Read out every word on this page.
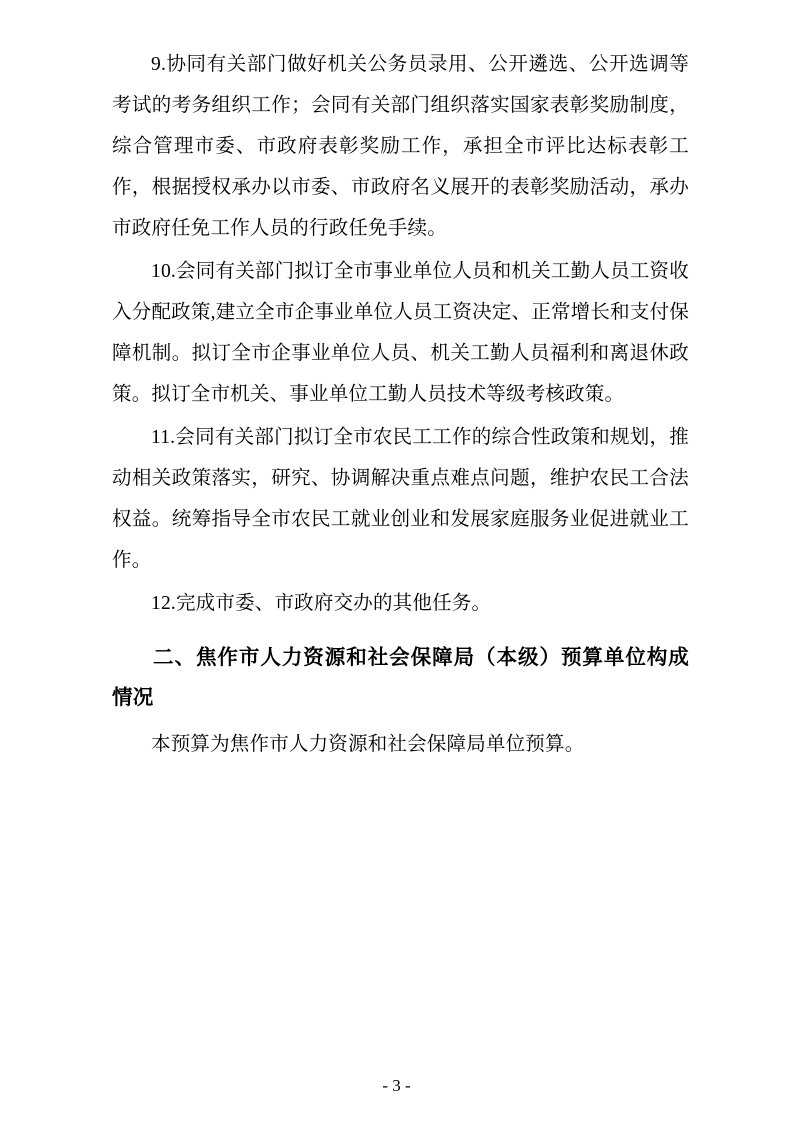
9.协同有关部门做好机关公务员录用、公开遴选、公开选调等考试的考务组织工作；会同有关部门组织落实国家表彰奖励制度，综合管理市委、市政府表彰奖励工作，承担全市评比达标表彰工作，根据授权承办以市委、市政府名义展开的表彰奖励活动，承办市政府任免工作人员的行政任免手续。

10.会同有关部门拟订全市事业单位人员和机关工勤人员工资收入分配政策,建立全市企事业单位人员工资决定、正常增长和支付保障机制。拟订全市企事业单位人员、机关工勤人员福利和离退休政策。拟订全市机关、事业单位工勤人员技术等级考核政策。

11.会同有关部门拟订全市农民工工作的综合性政策和规划，推动相关政策落实，研究、协调解决重点难点问题，维护农民工合法权益。统筹指导全市农民工就业创业和发展家庭服务业促进就业工作。

12.完成市委、市政府交办的其他任务。

二、焦作市人力资源和社会保障局（本级）预算单位构成情况

本预算为焦作市人力资源和社会保障局单位预算。

- 3 -
